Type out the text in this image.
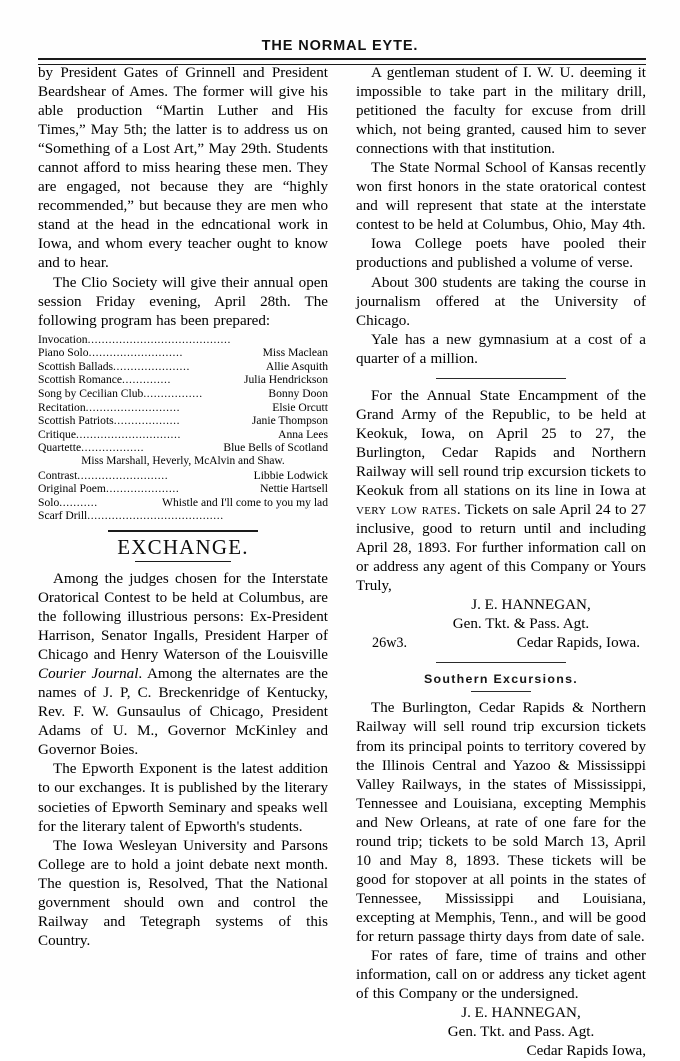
THE NORMAL EYTE.

by President Gates of Grinnell and President Beardshear of Ames. The former will give his able production “Martin Luther and His Times,” May 5th; the latter is to address us on “Something of a Lost Art,” May 29th. Students cannot afford to miss hearing these men. They are engaged, not because they are “highly recommended,” but because they are men who stand at the head in the edncational work in Iowa, and whom every teacher ought to know and to hear.

The Clio Society will give their annual open session Friday evening, April 28th. The following program has been prepared:

Invocation.........................................
Miss Maclean
Piano Solo...........................
Allie Asquith
Scottish Ballads......................
Julia Hendrickson
Scottish Romance..............
Bonny Doon
Song by Cecilian Club.................
Elsie Orcutt
Recitation...........................
Janie Thompson
Scottish Patriots...................
Anna Lees
Critique..............................
Blue Bells of Scotland
Quartette..................
Miss Marshall, Heverly, McAlvin and Shaw.
Libbie Lodwick
Contrast..........................
Nettie Hartsell
Original Poem.....................
Whistle and I'll come to you my lad
Solo...........
Scarf Drill.......................................
EXCHANGE.

Among the judges chosen for the Interstate Oratorical Contest to be held at Columbus, are the following illustrious persons: Ex-President Harrison, Senator Ingalls, President Harper of Chicago and Henry Waterson of the Louisville Courier Journal. Among the alternates are the names of J. P, C. Breckenridge of Kentucky, Rev. F. W. Gunsaulus of Chicago, President Adams of U. M., Governor McKinley and Governor Boies.

The Epworth Exponent is the latest addition to our exchanges. It is published by the literary societies of Epworth Seminary and speaks well for the literary talent of Epworth's students.

The Iowa Wesleyan University and Parsons College are to hold a joint debate next month. The question is, Resolved, That the National government should own and control the Railway and Tetegraph systems of this Country.

A gentleman student of I. W. U. deeming it impossible to take part in the military drill, petitioned the faculty for excuse from drill which, not being granted, caused him to sever connections with that institution.

The State Normal School of Kansas recently won first honors in the state oratorical contest and will represent that state at the interstate contest to be held at Columbus, Ohio, May 4th.

Iowa College poets have pooled their productions and published a volume of verse.

About 300 students are taking the course in journalism offered at the University of Chicago.

Yale has a new gymnasium at a cost of a quarter of a million.

For the Annual State Encampment of the Grand Army of the Republic, to be held at Keokuk, Iowa, on April 25 to 27, the Burlington, Cedar Rapids and Northern Railway will sell round trip excursion tickets to Keokuk from all stations on its line in Iowa at very low rates. Tickets on sale April 24 to 27 inclusive, good to return until and including April 28, 1893. For further information call on or address any agent of this Company or Yours Truly,

J. E. HANNEGAN,
Gen. Tkt. & Pass. Agt.
26w3.	Cedar Rapids, Iowa.
Southern Excursions.

The Burlington, Cedar Rapids & Northern Railway will sell round trip excursion tickets from its principal points to territory covered by the Illinois Central and Yazoo & Mississippi Valley Railways, in the states of Mississippi, Tennessee and Louisiana, excepting Memphis and New Orleans, at rate of one fare for the round trip; tickets to be sold March 13, April 10 and May 8, 1893. These tickets will be good for stopover at all points in the states of Tennessee, Mississippi and Louisiana, excepting at Memphis, Tenn., and will be good for return passage thirty days from date of sale.

For rates of fare, time of trains and other information, call on or address any ticket agent of this Company or the undersigned.

J. E. HANNEGAN,
Gen. Tkt. and Pass. Agt.
Cedar Rapids Iowa,
